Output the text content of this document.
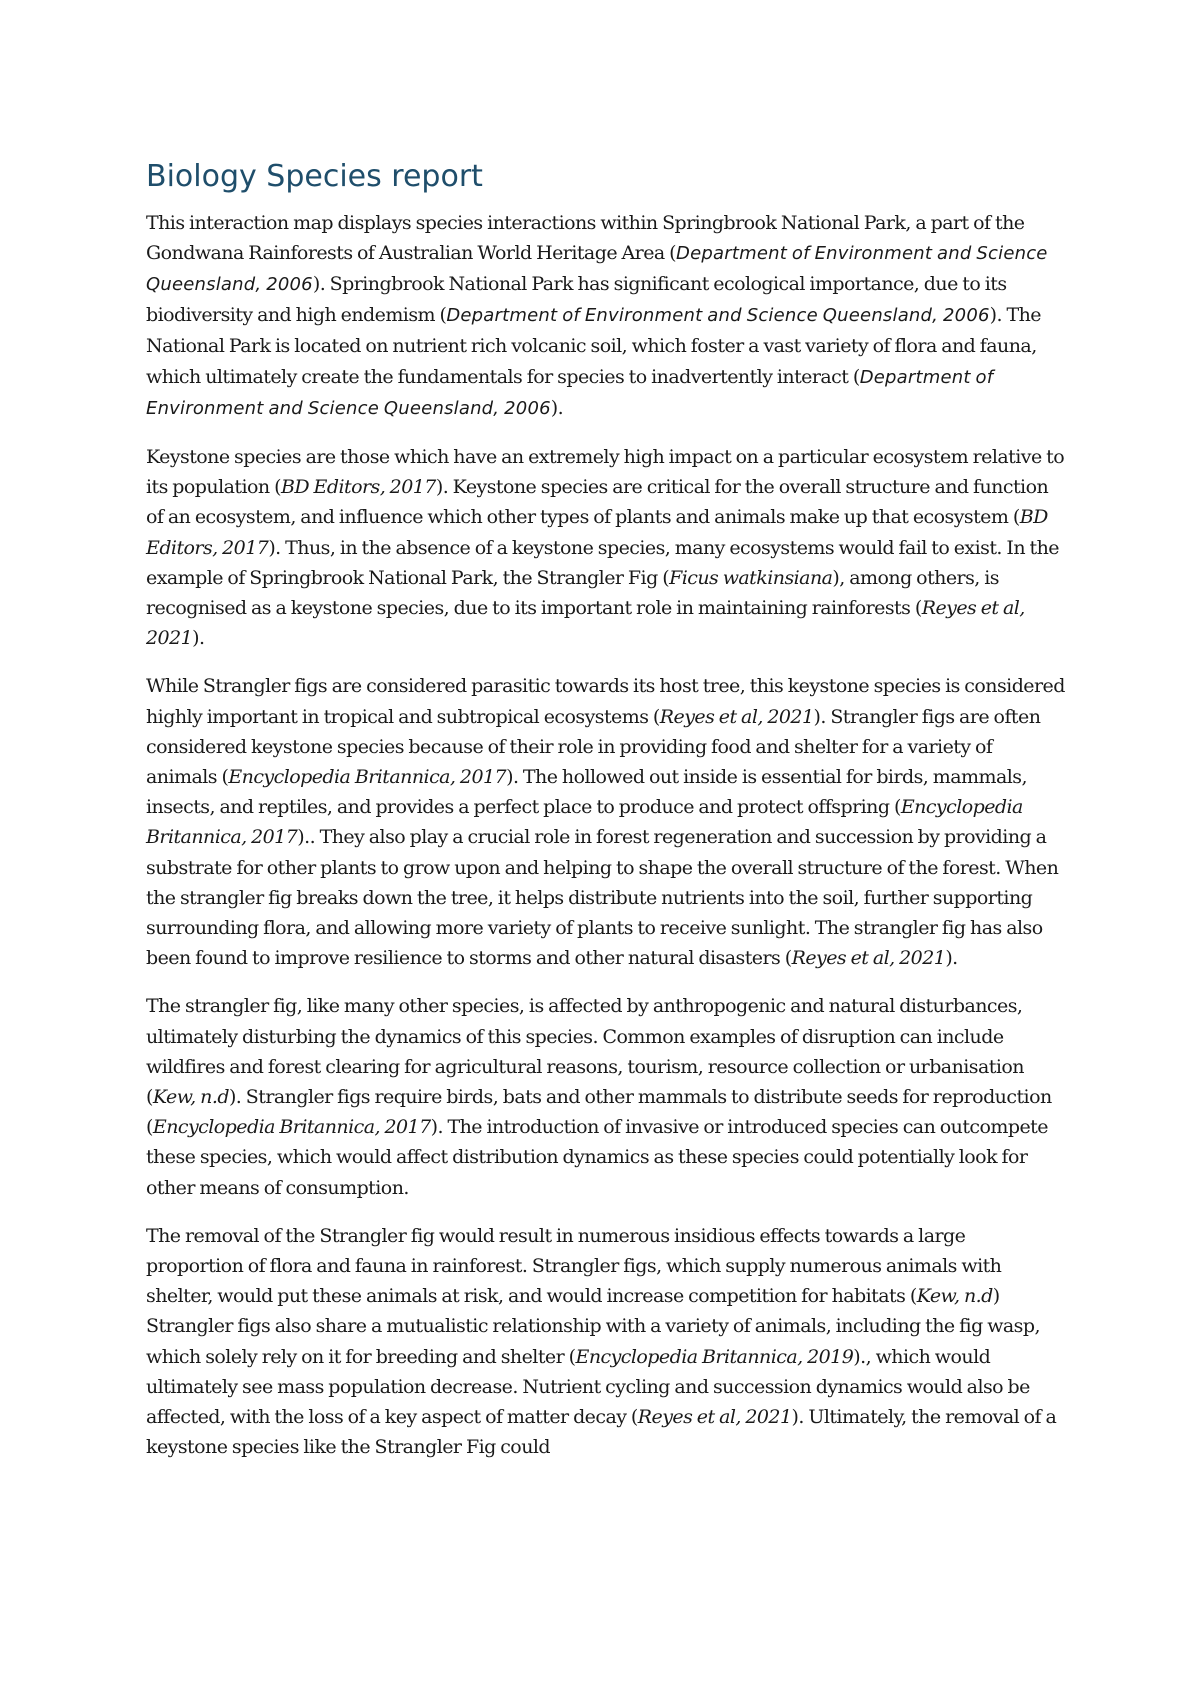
Biology Species report

This interaction map displays species interactions within Springbrook National Park, a part of the Gondwana Rainforests of Australian World Heritage Area (Department of Environment and Science Queensland, 2006). Springbrook National Park has significant ecological importance, due to its biodiversity and high endemism (Department of Environment and Science Queensland, 2006). The National Park is located on nutrient rich volcanic soil, which foster a vast variety of flora and fauna, which ultimately create the fundamentals for species to inadvertently interact (Department of Environment and Science Queensland, 2006).

Keystone species are those which have an extremely high impact on a particular ecosystem relative to its population (BD Editors, 2017). Keystone species are critical for the overall structure and function of an ecosystem, and influence which other types of plants and animals make up that ecosystem (BD Editors, 2017). Thus, in the absence of a keystone species, many ecosystems would fail to exist. In the example of Springbrook National Park, the Strangler Fig (Ficus watkinsiana), among others, is recognised as a keystone species, due to its important role in maintaining rainforests (Reyes et al, 2021).

While Strangler figs are considered parasitic towards its host tree, this keystone species is considered highly important in tropical and subtropical ecosystems (Reyes et al, 2021). Strangler figs are often considered keystone species because of their role in providing food and shelter for a variety of animals (Encyclopedia Britannica, 2017). The hollowed out inside is essential for birds, mammals, insects, and reptiles, and provides a perfect place to produce and protect offspring (Encyclopedia Britannica, 2017).. They also play a crucial role in forest regeneration and succession by providing a substrate for other plants to grow upon and helping to shape the overall structure of the forest. When the strangler fig breaks down the tree, it helps distribute nutrients into the soil, further supporting surrounding flora, and allowing more variety of plants to receive sunlight. The strangler fig has also been found to improve resilience to storms and other natural disasters (Reyes et al, 2021).

The strangler fig, like many other species, is affected by anthropogenic and natural disturbances, ultimately disturbing the dynamics of this species. Common examples of disruption can include wildfires and forest clearing for agricultural reasons, tourism, resource collection or urbanisation (Kew, n.d). Strangler figs require birds, bats and other mammals to distribute seeds for reproduction (Encyclopedia Britannica, 2017). The introduction of invasive or introduced species can outcompete these species, which would affect distribution dynamics as these species could potentially look for other means of consumption.

The removal of the Strangler fig would result in numerous insidious effects towards a large proportion of flora and fauna in rainforest. Strangler figs, which supply numerous animals with shelter, would put these animals at risk, and would increase competition for habitats (Kew, n.d) Strangler figs also share a mutualistic relationship with a variety of animals, including the fig wasp, which solely rely on it for breeding and shelter (Encyclopedia Britannica, 2019)., which would ultimately see mass population decrease. Nutrient cycling and succession dynamics would also be affected, with the loss of a key aspect of matter decay (Reyes et al, 2021). Ultimately, the removal of a keystone species like the Strangler Fig could
